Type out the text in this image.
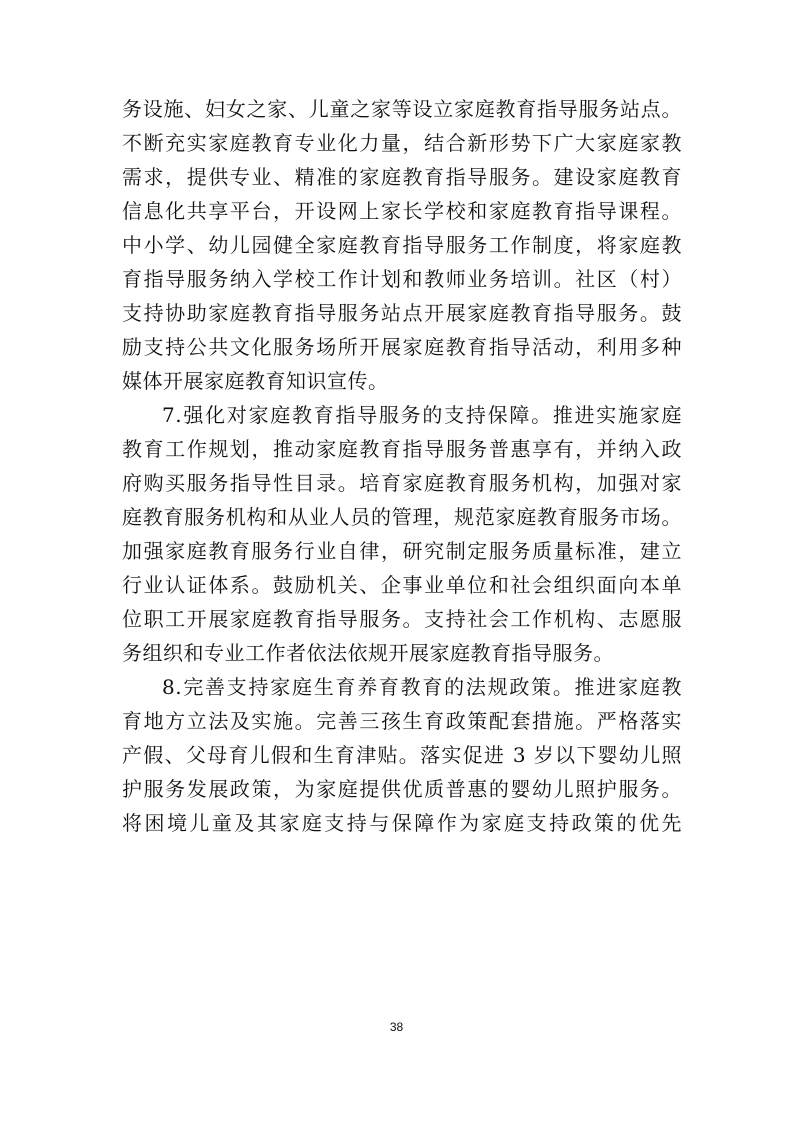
务设施、妇女之家、儿童之家等设立家庭教育指导服务站点。
不断充实家庭教育专业化力量，结合新形势下广大家庭家教
需求，提供专业、精准的家庭教育指导服务。建设家庭教育
信息化共享平台，开设网上家长学校和家庭教育指导课程。
中小学、幼儿园健全家庭教育指导服务工作制度，将家庭教
育指导服务纳入学校工作计划和教师业务培训。社区（村）
支持协助家庭教育指导服务站点开展家庭教育指导服务。鼓
励支持公共文化服务场所开展家庭教育指导活动，利用多种
媒体开展家庭教育知识宣传。
7.强化对家庭教育指导服务的支持保障。推进实施家庭
教育工作规划，推动家庭教育指导服务普惠享有，并纳入政
府购买服务指导性目录。培育家庭教育服务机构，加强对家
庭教育服务机构和从业人员的管理，规范家庭教育服务市场。
加强家庭教育服务行业自律，研究制定服务质量标准，建立
行业认证体系。鼓励机关、企事业单位和社会组织面向本单
位职工开展家庭教育指导服务。支持社会工作机构、志愿服
务组织和专业工作者依法依规开展家庭教育指导服务。
8.完善支持家庭生育养育教育的法规政策。推进家庭教
育地方立法及实施。完善三孩生育政策配套措施。严格落实
产假、父母育儿假和生育津贴。落实促进 3 岁以下婴幼儿照
护服务发展政策，为家庭提供优质普惠的婴幼儿照护服务。
将困境儿童及其家庭支持与保障作为家庭支持政策的优先
38
